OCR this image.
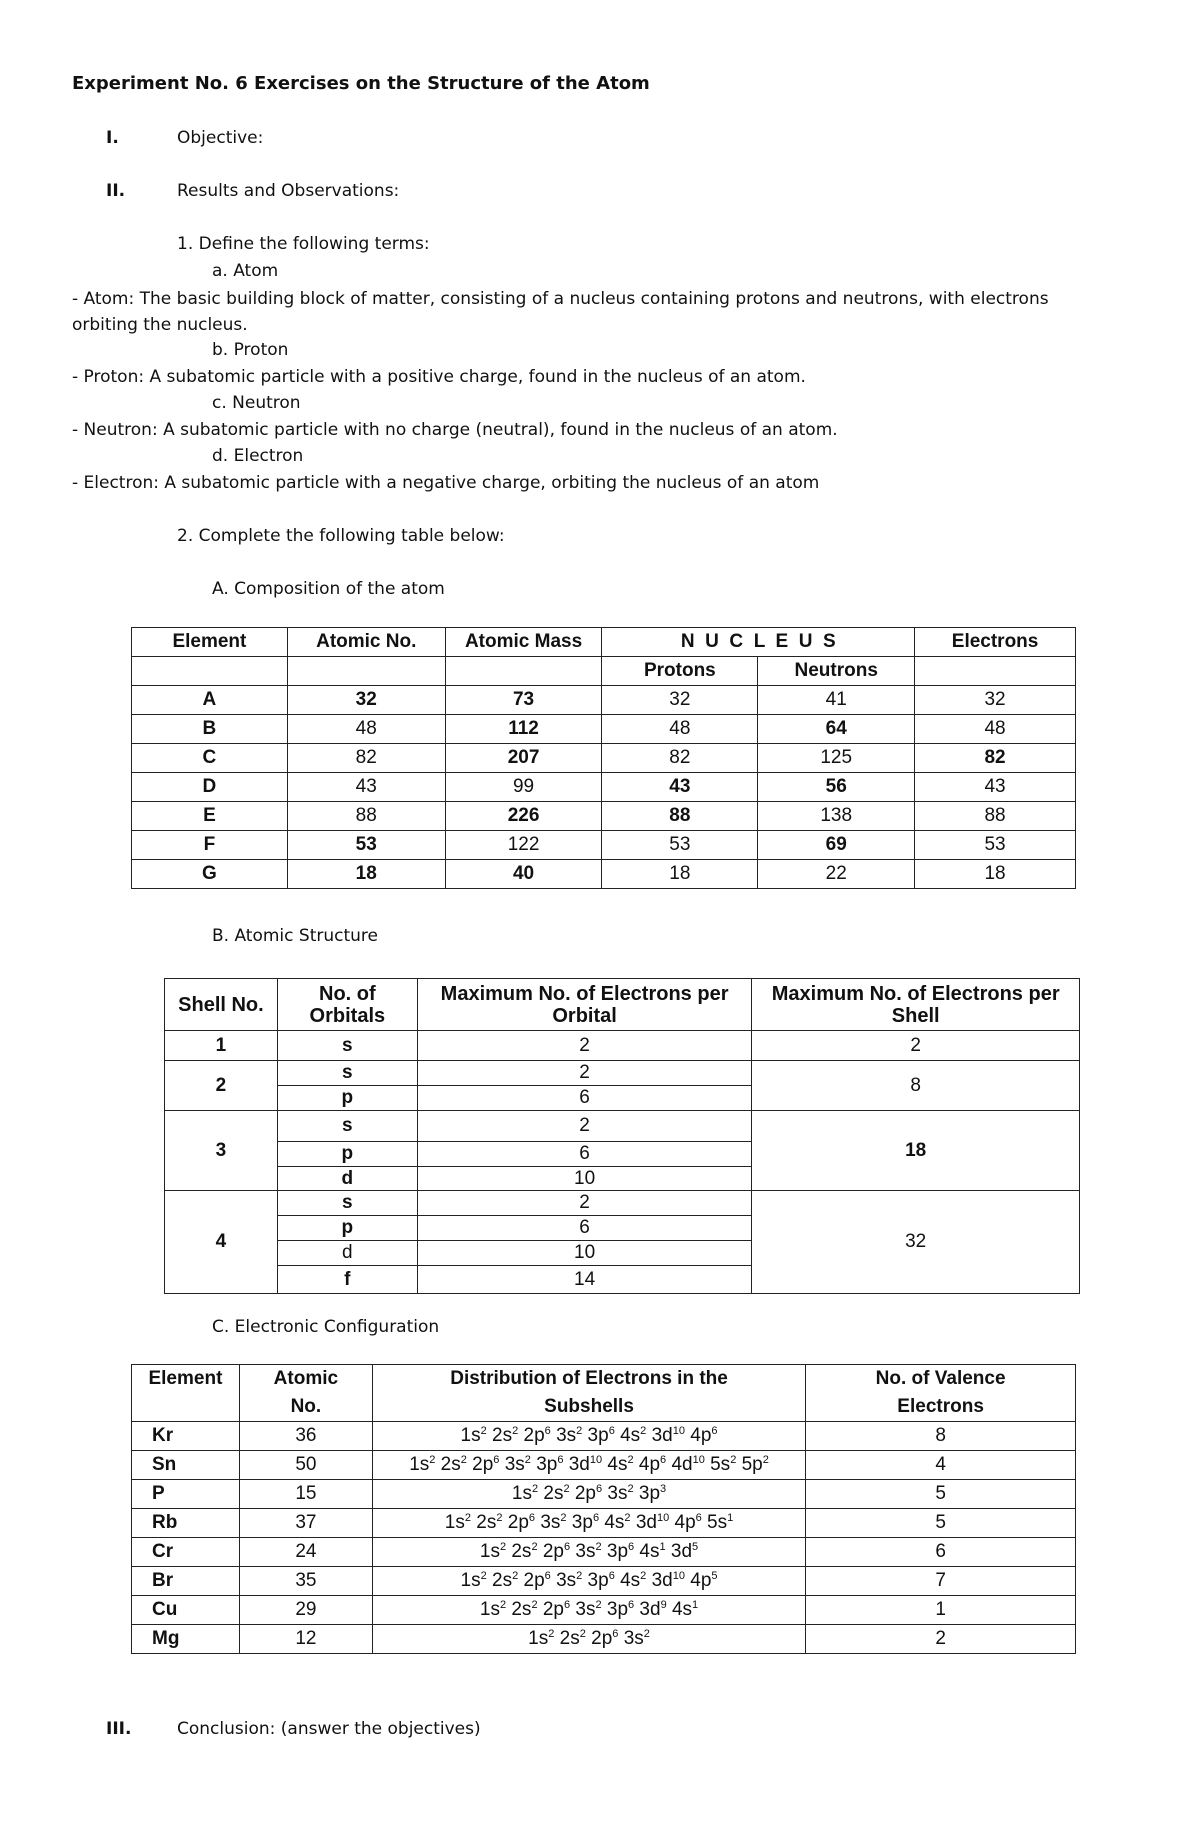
Experiment No. 6 Exercises on the Structure of the Atom
I.	Objective:
II.	Results and Observations:
1. Define the following terms:
a. Atom
- Atom: The basic building block of matter, consisting of a nucleus containing protons and neutrons, with electrons orbiting the nucleus.
b. Proton
- Proton: A subatomic particle with a positive charge, found in the nucleus of an atom.
c. Neutron
- Neutron: A subatomic particle with no charge (neutral), found in the nucleus of an atom.
d. Electron
- Electron: A subatomic particle with a negative charge, orbiting the nucleus of an atom
2. Complete the following table below:
A. Composition of the atom
Element	Atomic No.	Atomic Mass	N  U  C  L  E  U  S		Electrons
			Protons	Neutrons	
A	32	73	32	41	32
B	48	112	48	64	48
C	82	207	82	125	82
D	43	99	43	56	43
E	88	226	88	138	88
F	53	122	53	69	53
G	18	40	18	22	18
B. Atomic Structure
Shell No.	No. of Orbitals	Maximum No. of Electrons per Orbital	Maximum No. of Electrons per Shell
1	s	2	2
2	s	2	8
	p	6	
3	s	2	18
	p	6	
	d	10	
4	s	2	32
	p	6	
	d	10	
	f	14	
C. Electronic Configuration
Element	Atomic No.	Distribution of Electrons in the Subshells	No. of Valence Electrons
Kr	36	$1s^2$ $2s^2$ $2p^6$ $3s^2$ $3p^6$ $4s^2$ $3d^{10}$ $4p^6$	8
Sn	50	$1s^2$ $2s^2$ $2p^6$ $3s^2$ $3p^6$ $3d^{10}$ $4s^2$ $4p^6$ $4d^{10}$ $5s^2$ $5p^2$	4
P	15	$1s^2$ $2s^2$ $2p^6$ $3s^2$ $3p^3$	5
Rb	37	$1s^2$ $2s^2$ $2p^6$ $3s^2$ $3p^6$ $4s^2$ $3d^{10}$ $4p^6$ $5s^1$	5
Cr	24	$1s^2$ $2s^2$ $2p^6$ $3s^2$ $3p^6$ $4s^1$ $3d^5$	6
Br	35	$1s^2$ $2s^2$ $2p^6$ $3s^2$ $3p^6$ $4s^2$ $3d^{10}$ $4p^5$	7
Cu	29	$1s^2$ $2s^2$ $2p^6$ $3s^2$ $3p^6$ $3d^9$ $4s^1$	1
Mg	12	$1s^2$ $2s^2$ $2p^6$ $3s^2$	2
III.	Conclusion: (answer the objectives)
